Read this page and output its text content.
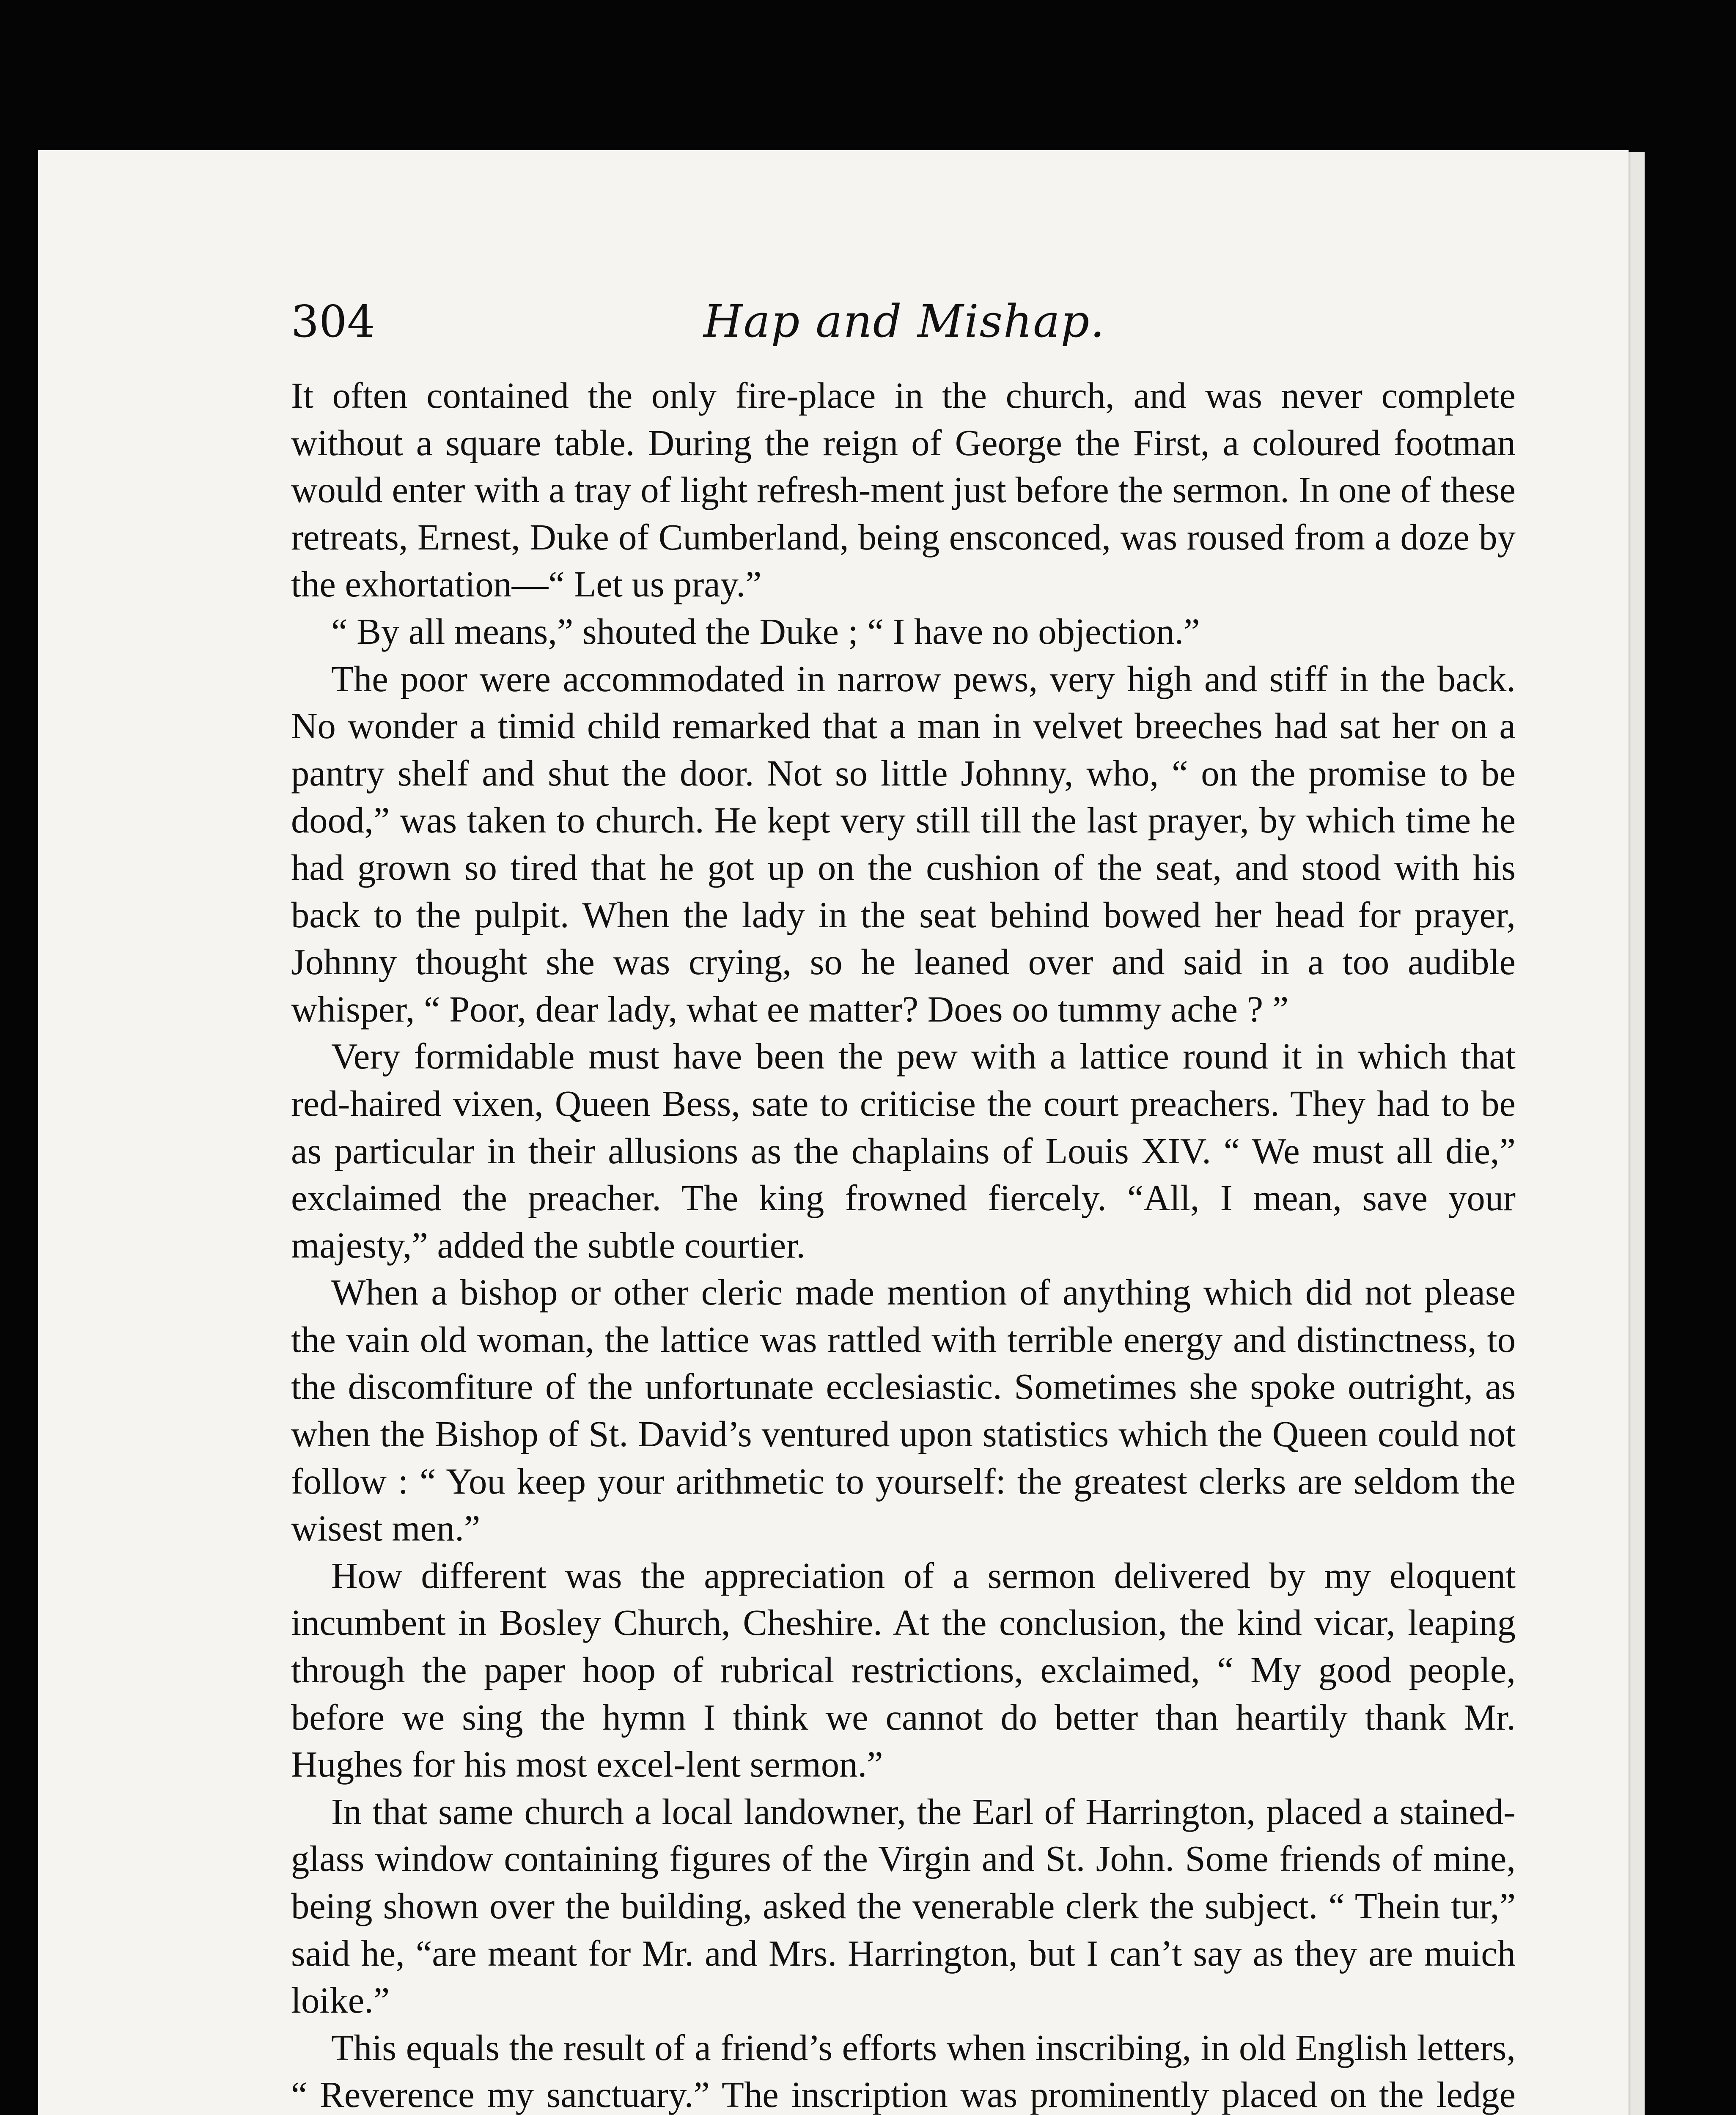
304	Hap and Mishap.

It often contained the only fire-place in the church, and was never complete without a square table. During the reign of George the First, a coloured footman would enter with a tray of light refresh-ment just before the sermon. In one of these retreats, Ernest, Duke of Cumberland, being ensconced, was roused from a doze by the exhortation—“ Let us pray.”

“ By all means,” shouted the Duke ; “ I have no objection.”

The poor were accommodated in narrow pews, very high and stiff in the back. No wonder a timid child remarked that a man in velvet breeches had sat her on a pantry shelf and shut the door. Not so little Johnny, who, “ on the promise to be dood,” was taken to church. He kept very still till the last prayer, by which time he had grown so tired that he got up on the cushion of the seat, and stood with his back to the pulpit. When the lady in the seat behind bowed her head for prayer, Johnny thought she was crying, so he leaned over and said in a too audible whisper, “ Poor, dear lady, what ee matter? Does oo tummy ache ? ”

Very formidable must have been the pew with a lattice round it in which that red-haired vixen, Queen Bess, sate to criticise the court preachers. They had to be as particular in their allusions as the chaplains of Louis XIV. “ We must all die,” exclaimed the preacher. The king frowned fiercely. “All, I mean, save your majesty,” added the subtle courtier.

When a bishop or other cleric made mention of anything which did not please the vain old woman, the lattice was rattled with terrible energy and distinctness, to the discomfiture of the unfortunate ecclesiastic. Sometimes she spoke outright, as when the Bishop of St. David’s ventured upon statistics which the Queen could not follow : “ You keep your arithmetic to yourself: the greatest clerks are seldom the wisest men.”

How different was the appreciation of a sermon delivered by my eloquent incumbent in Bosley Church, Cheshire. At the conclusion, the kind vicar, leaping through the paper hoop of rubrical restrictions, exclaimed, “ My good people, before we sing the hymn I think we cannot do better than heartily thank Mr. Hughes for his most excel-lent sermon.”

In that same church a local landowner, the Earl of Harrington, placed a stained-glass window containing figures of the Virgin and St. John. Some friends of mine, being shown over the building, asked the venerable clerk the subject. “ Thein tur,” said he, “are meant for Mr. and Mrs. Harrington, but I can’t say as they are muich loike.”

This equals the result of a friend’s efforts when inscribing, in old English letters, “ Reverence my sanctuary.” The inscription was prominently placed on the ledge
